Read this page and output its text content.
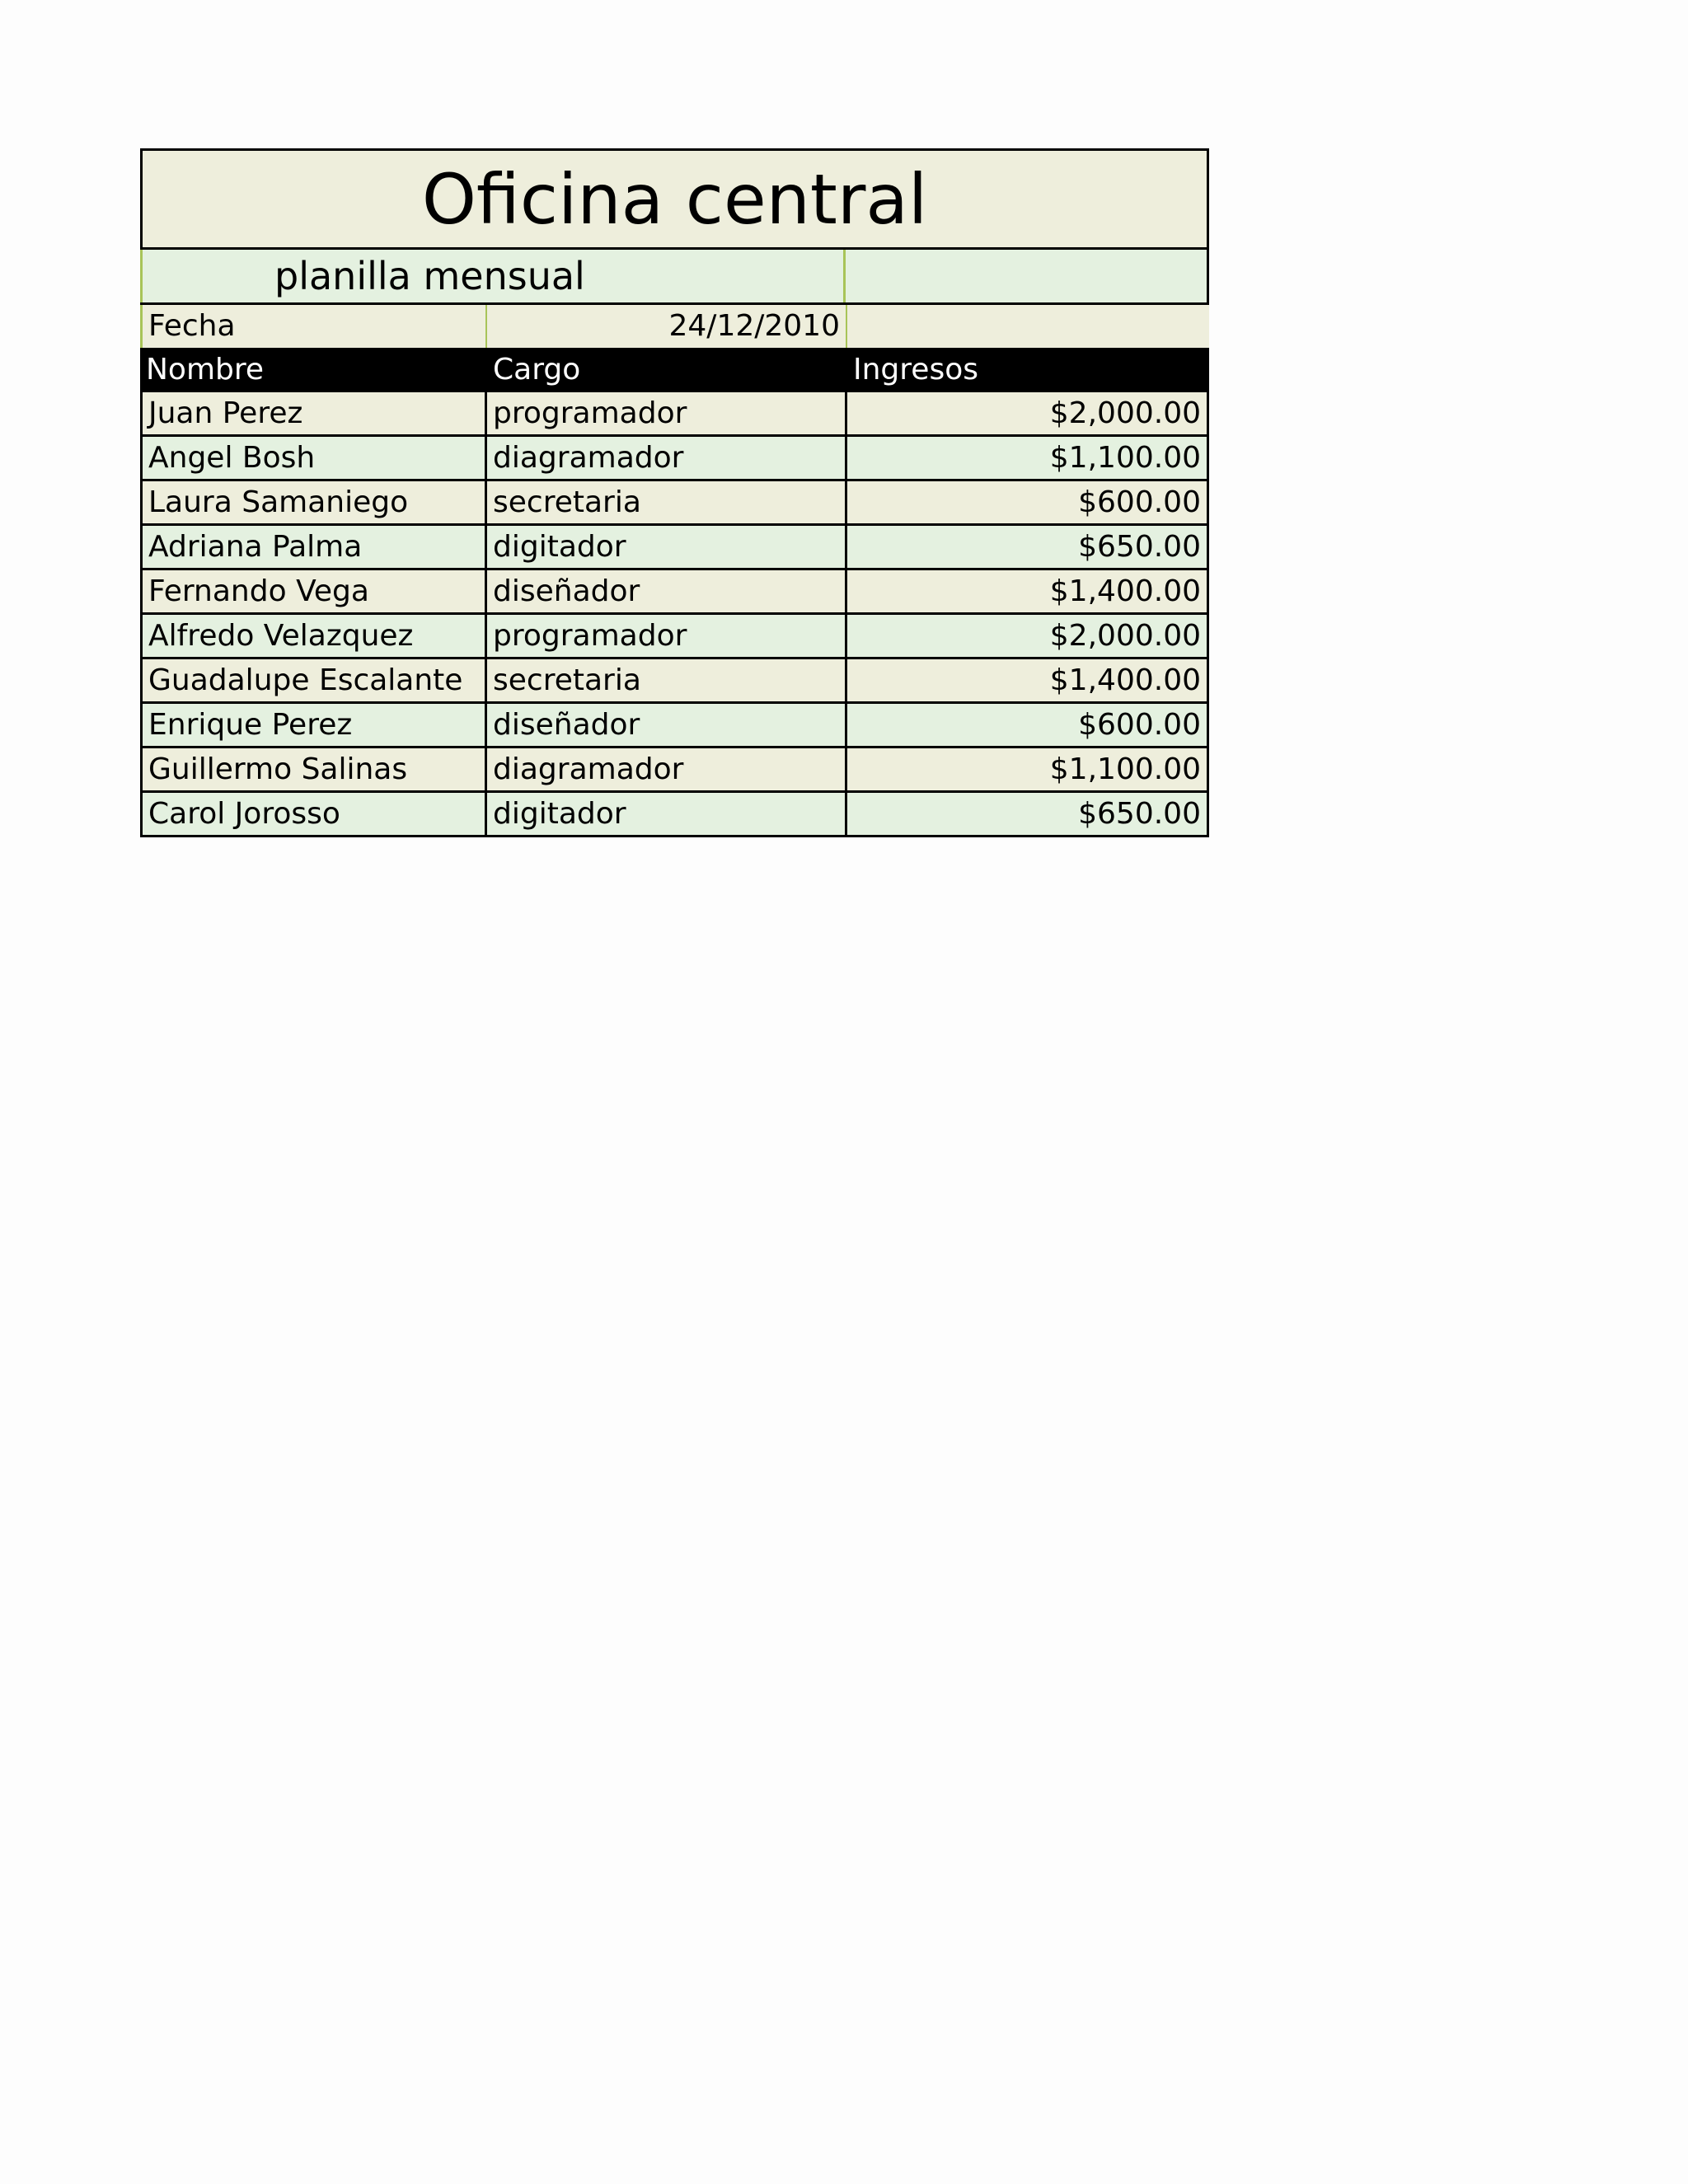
Oficina central
planilla mensual
Fecha	24/12/2010
Nombre	Cargo	Ingresos
Juan Perez	programador	$2,000.00
Angel Bosh	diagramador	$1,100.00
Laura Samaniego	secretaria	$600.00
Adriana Palma	digitador	$650.00
Fernando Vega	diseñador	$1,400.00
Alfredo Velazquez	programador	$2,000.00
Guadalupe Escalante	secretaria	$1,400.00
Enrique Perez	diseñador	$600.00
Guillermo Salinas	diagramador	$1,100.00
Carol Jorosso	digitador	$650.00
